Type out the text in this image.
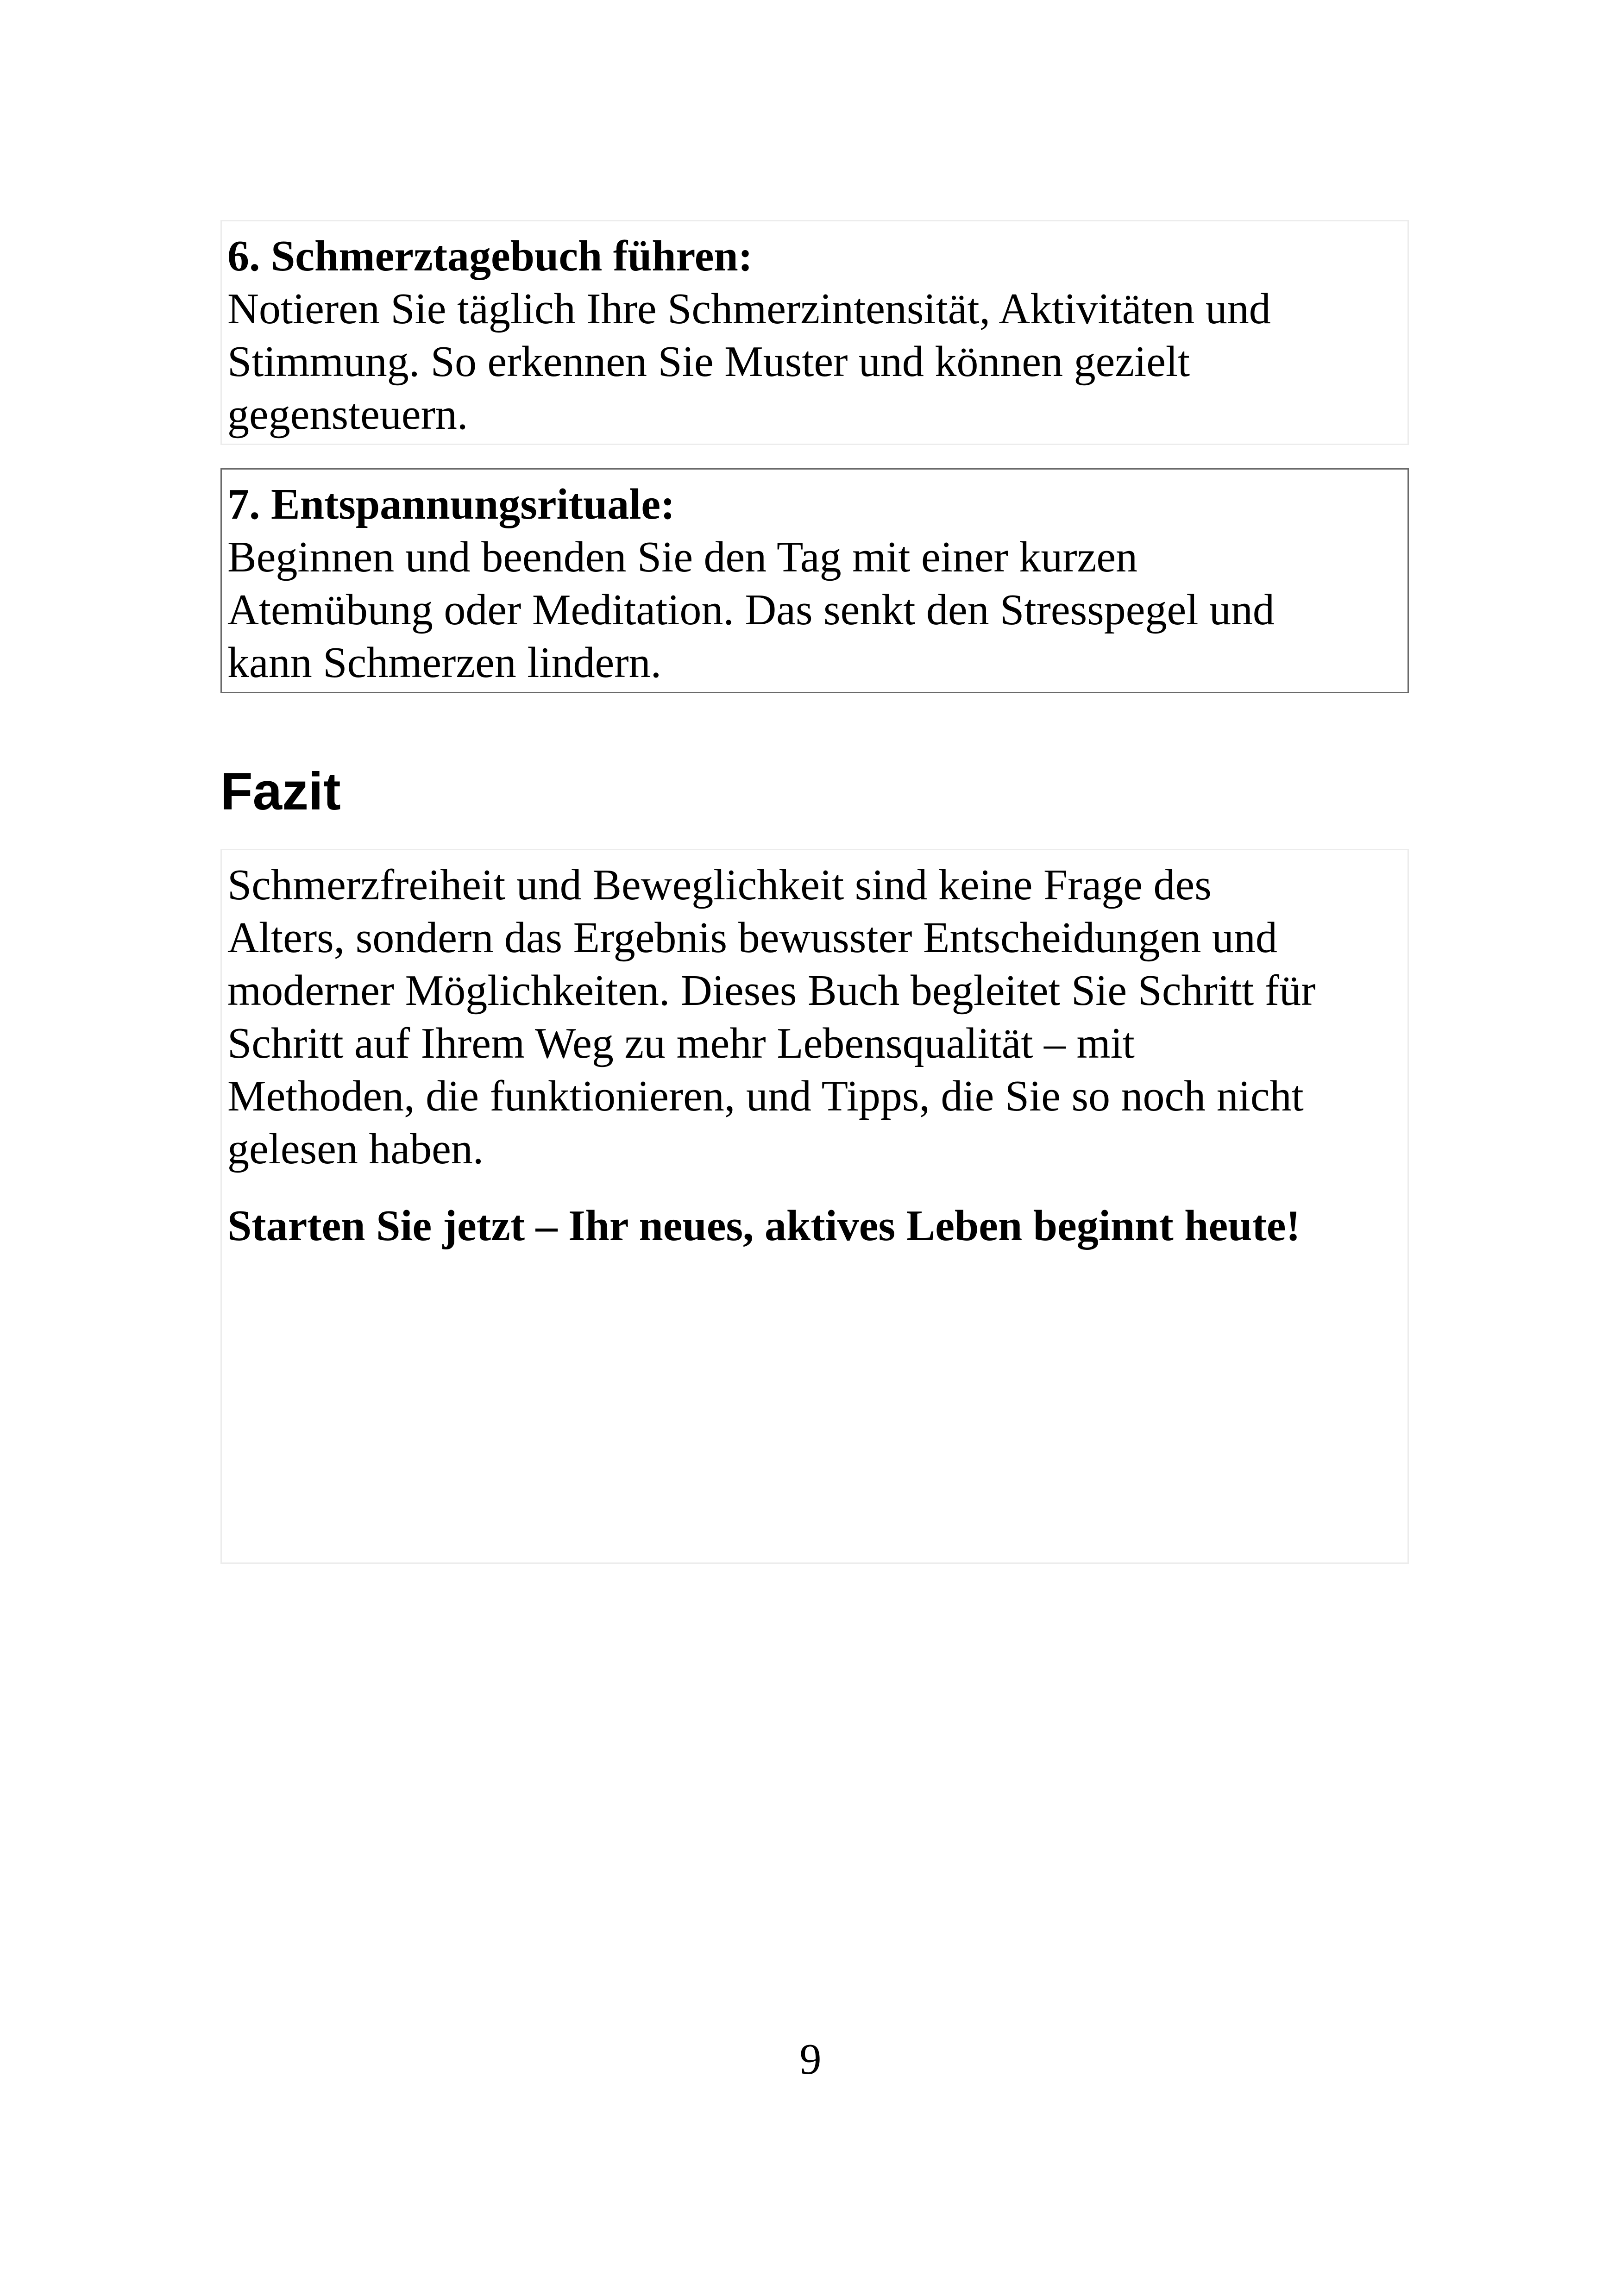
6. Schmerztagebuch führen:

Notieren Sie täglich Ihre Schmerzintensität, Aktivitäten und
Stimmung. So erkennen Sie Muster und können gezielt
gegensteuern.

7. Entspannungsrituale:

Beginnen und beenden Sie den Tag mit einer kurzen
Atemübung oder Meditation. Das senkt den Stresspegel und
kann Schmerzen lindern.

Fazit

Schmerzfreiheit und Beweglichkeit sind keine Frage des
Alters, sondern das Ergebnis bewusster Entscheidungen und
moderner Möglichkeiten. Dieses Buch begleitet Sie Schritt für
Schritt auf Ihrem Weg zu mehr Lebensqualität – mit
Methoden, die funktionieren, und Tipps, die Sie so noch nicht
gelesen haben.

Starten Sie jetzt – Ihr neues, aktives Leben beginnt heute!

9
